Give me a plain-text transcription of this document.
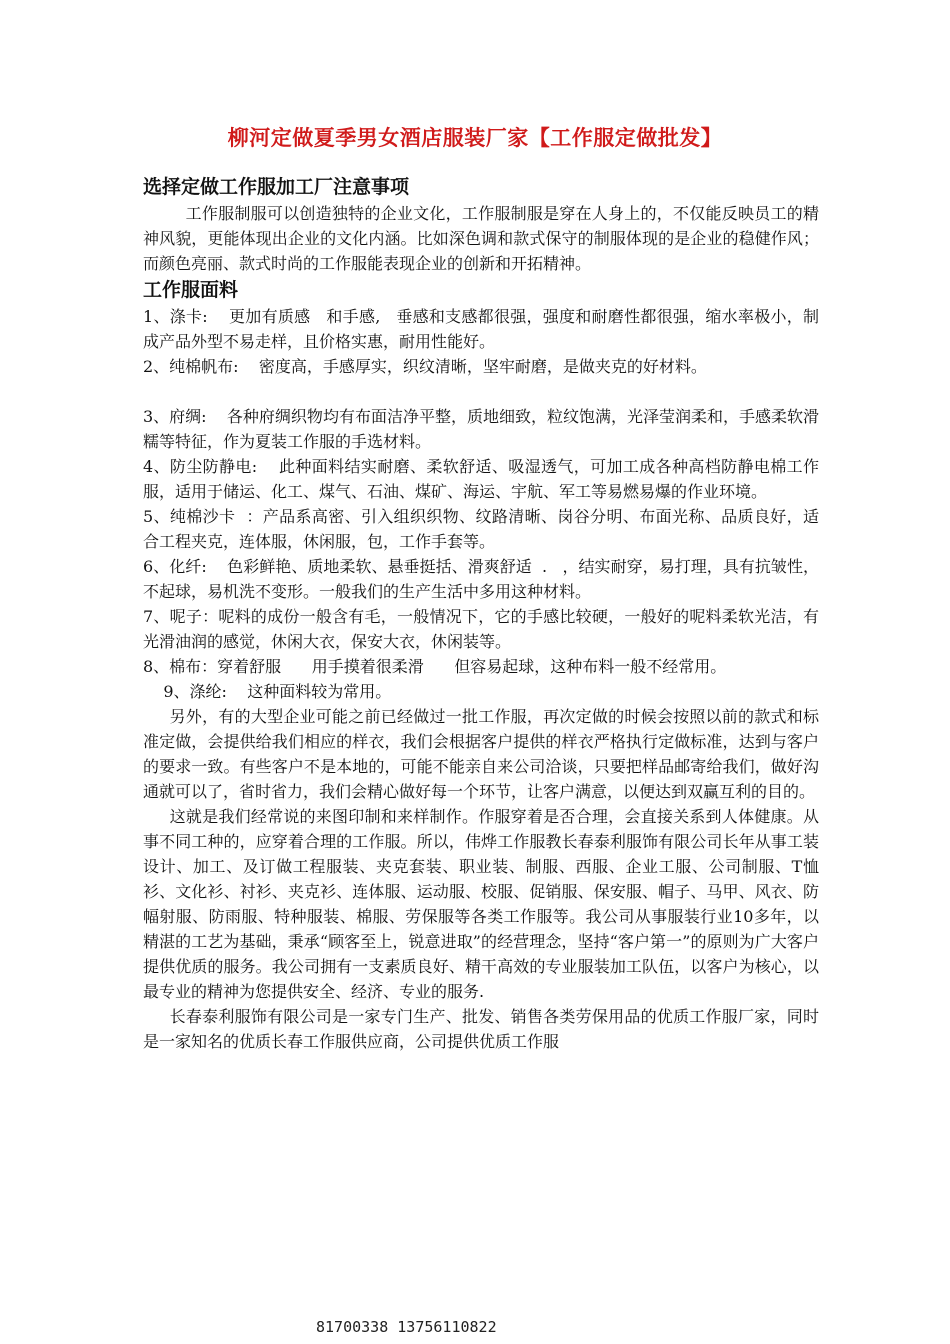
柳河定做夏季男女酒店服装厂家【工作服定做批发】
选择定做工作服加工厂注意事项

工作服制服可以创造独特的企业文化，工作服制服是穿在人身上的，不仅能反映员工的精神风貌，更能体现出企业的文化内涵。比如深色调和款式保守的制服体现的是企业的稳健作风；而颜色亮丽、款式时尚的工作服能表现企业的创新和开拓精神。

工作服面料

1、涤卡:    更加有质感   和手感,   垂感和支感都很强，强度和耐磨性都很强，缩水率极小，制成产品外型不易走样，且价格实惠，耐用性能好。

2、纯棉帆布:    密度高，手感厚实，织纹清晰，坚牢耐磨，是做夹克的好材料。

3、府绸:    各种府绸织物均有布面洁净平整，质地细致，粒纹饱满，光泽莹润柔和，手感柔软滑糯等特征，作为夏装工作服的手选材料。

4、防尘防静电:    此种面料结实耐磨、柔软舒适、吸湿透气，可加工成各种高档防静电棉工作服，适用于储运、化工、煤气、石油、煤矿、海运、宇航、军工等易燃易爆的作业环境。

5、纯棉沙卡  ：产品系高密、引入组织织物、纹路清晰、岗谷分明、布面光称、品质良好，适合工程夹克，连体服，休闲服，包，工作手套等。

6、化纤:    色彩鲜艳、质地柔软、悬垂挺括、滑爽舒适  .   ，结实耐穿，易打理，具有抗皱性，不起球，易机洗不变形。一般我们的生产生活中多用这种材料。

7、呢子：呢料的成份一般含有毛，一般情况下，它的手感比较硬，一般好的呢料柔软光洁，有光滑油润的感觉，休闲大衣，保安大衣，休闲装等。

8、棉布：穿着舒服      用手摸着很柔滑      但容易起球，这种布料一般不经常用。

9、涤纶:    这种面料较为常用。

另外，有的大型企业可能之前已经做过一批工作服，再次定做的时候会按照以前的款式和标准定做，会提供给我们相应的样衣，我们会根据客户提供的样衣严格执行定做标准，达到与客户的要求一致。有些客户不是本地的，可能不能亲自来公司洽谈，只要把样品邮寄给我们，做好沟通就可以了，省时省力，我们会精心做好每一个环节，让客户满意，以便达到双赢互利的目的。

这就是我们经常说的来图印制和来样制作。作服穿着是否合理，会直接关系到人体健康。从事不同工种的，应穿着合理的工作服。所以，伟烨工作服教长春泰利服饰有限公司长年从事工装设计、加工、及订做工程服装、夹克套装、职业装、制服、西服、企业工服、公司制服、T恤衫、文化衫、衬衫、夹克衫、连体服、运动服、校服、促销服、保安服、帽子、马甲、风衣、防幅射服、防雨服、特种服装、棉服、劳保服等各类工作服等。我公司从事服装行业10多年，以精湛的工艺为基础，秉承“顾客至上，锐意进取”的经营理念，坚持“客户第一”的原则为广大客户提供优质的服务。我公司拥有一支素质良好、精干高效的专业服装加工队伍，以客户为核心，以最专业的精神为您提供安全、经济、专业的服务.

长春泰利服饰有限公司是一家专门生产、批发、销售各类劳保用品的优质工作服厂家，同时是一家知名的优质长春工作服供应商，公司提供优质工作服

81700338 13756110822
